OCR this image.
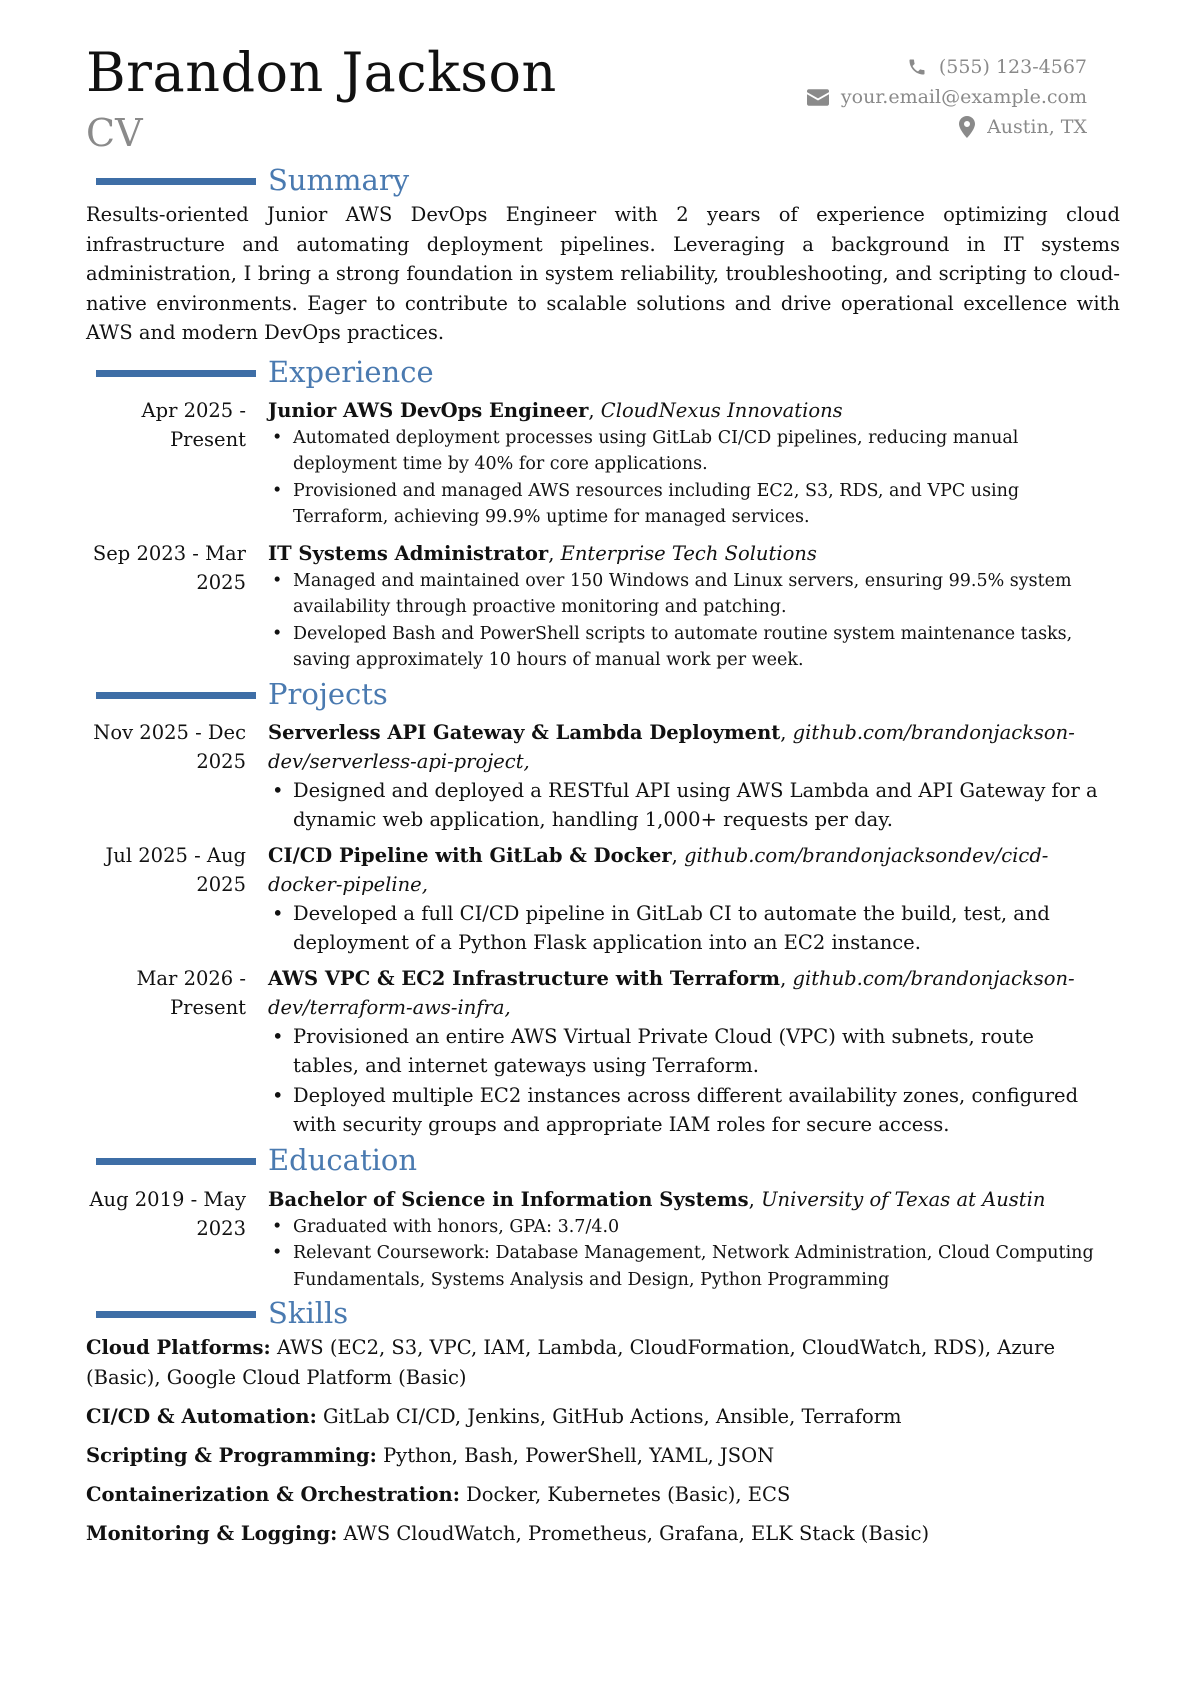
Brandon Jackson
CV
(555) 123-4567
your.email@example.com
Austin, TX
Summary

Results-oriented Junior AWS DevOps Engineer with 2 years of experience optimizing cloud infrastructure and automating deployment pipelines. Leveraging a background in IT systems administration, I bring a strong foundation in system reliability, troubleshooting, and scripting to cloud-native environments. Eager to contribute to scalable solutions and drive operational excellence with AWS and modern DevOps practices.

Experience
Apr 2025 - Present
Junior AWS DevOps Engineer, CloudNexus Innovations
• Automated deployment processes using GitLab CI/CD pipelines, reducing manual deployment time by 40% for core applications.
• Provisioned and managed AWS resources including EC2, S3, RDS, and VPC using Terraform, achieving 99.9% uptime for managed services.
Sep 2023 - Mar 2025
IT Systems Administrator, Enterprise Tech Solutions
• Managed and maintained over 150 Windows and Linux servers, ensuring 99.5% system availability through proactive monitoring and patching.
• Developed Bash and PowerShell scripts to automate routine system maintenance tasks, saving approximately 10 hours of manual work per week.
Projects
Nov 2025 - Dec 2025
Serverless API Gateway & Lambda Deployment, github.com/brandonjackson-dev/serverless-api-project,
• Designed and deployed a RESTful API using AWS Lambda and API Gateway for a dynamic web application, handling 1,000+ requests per day.
Jul 2025 - Aug 2025
CI/CD Pipeline with GitLab & Docker, github.com/brandonjacksondev/cicd-docker-pipeline,
• Developed a full CI/CD pipeline in GitLab CI to automate the build, test, and deployment of a Python Flask application into an EC2 instance.
Mar 2026 - Present
AWS VPC & EC2 Infrastructure with Terraform, github.com/brandonjackson-dev/terraform-aws-infra,
• Provisioned an entire AWS Virtual Private Cloud (VPC) with subnets, route tables, and internet gateways using Terraform.
• Deployed multiple EC2 instances across different availability zones, configured with security groups and appropriate IAM roles for secure access.
Education
Aug 2019 - May 2023
Bachelor of Science in Information Systems, University of Texas at Austin
• Graduated with honors, GPA: 3.7/4.0
• Relevant Coursework: Database Management, Network Administration, Cloud Computing Fundamentals, Systems Analysis and Design, Python Programming
Skills
Cloud Platforms: AWS (EC2, S3, VPC, IAM, Lambda, CloudFormation, CloudWatch, RDS), Azure (Basic), Google Cloud Platform (Basic)
CI/CD & Automation: GitLab CI/CD, Jenkins, GitHub Actions, Ansible, Terraform
Scripting & Programming: Python, Bash, PowerShell, YAML, JSON
Containerization & Orchestration: Docker, Kubernetes (Basic), ECS
Monitoring & Logging: AWS CloudWatch, Prometheus, Grafana, ELK Stack (Basic)
